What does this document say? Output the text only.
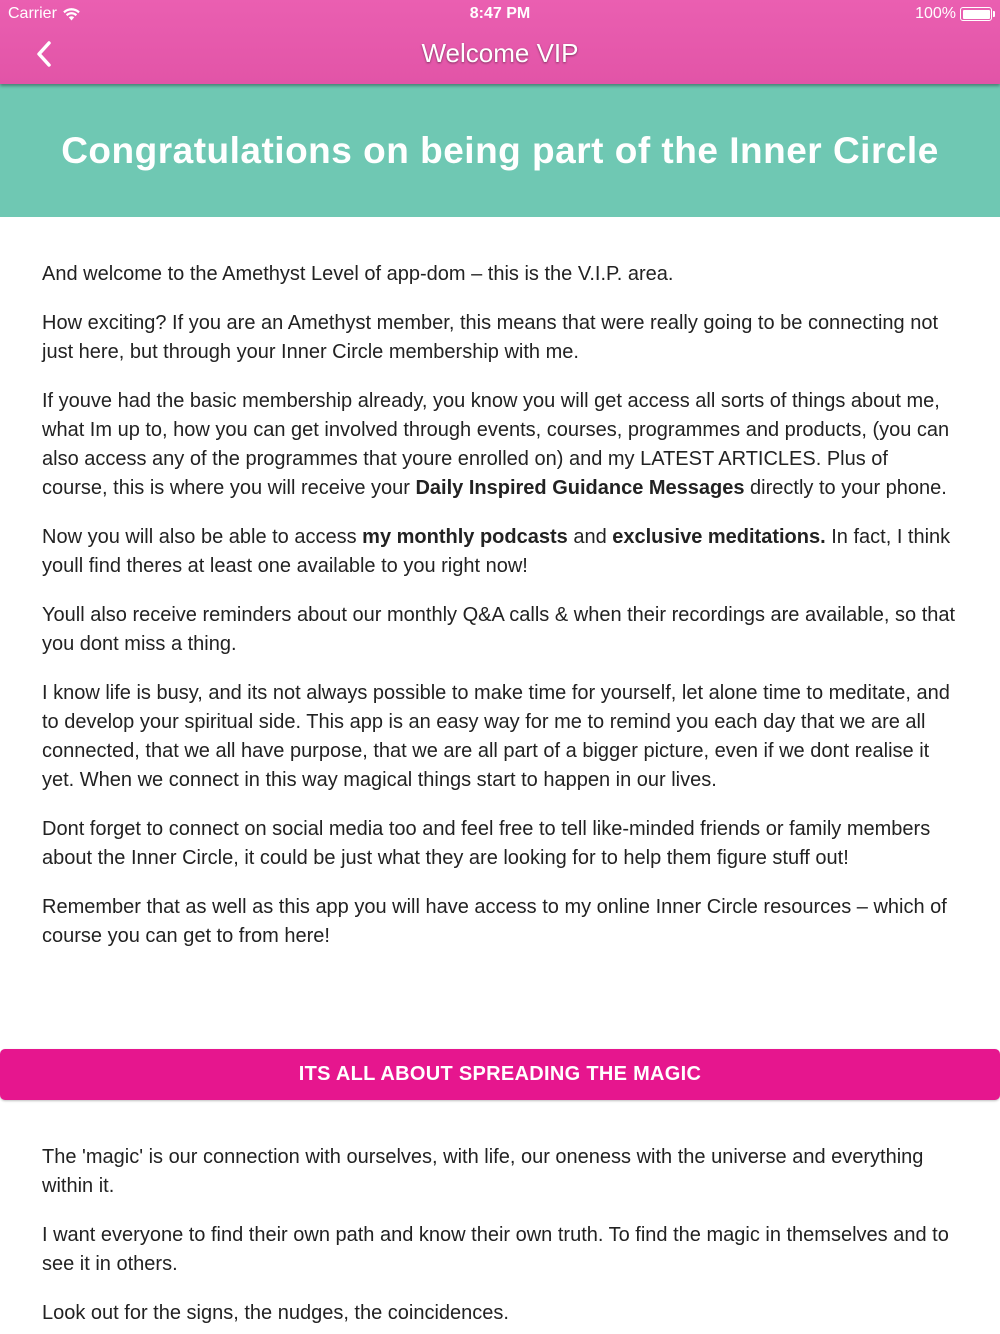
Carrier	8:47 PM	100%
Welcome VIP
Congratulations on being part of the Inner Circle

And welcome to the Amethyst Level of app-dom – this is the V.I.P. area.

How exciting? If you are an Amethyst member, this means that were really going to be connecting not just here, but through your Inner Circle membership with me.

If youve had the basic membership already, you know you will get access all sorts of things about me, what Im up to, how you can get involved through events, courses, programmes and products, (you can also access any of the programmes that youre enrolled on) and my LATEST ARTICLES. Plus of course, this is where you will receive your Daily Inspired Guidance Messages directly to your phone.

Now you will also be able to access my monthly podcasts and exclusive meditations. In fact, I think youll find theres at least one available to you right now!

Youll also receive reminders about our monthly Q&A calls & when their recordings are available, so that you dont miss a thing.

I know life is busy, and its not always possible to make time for yourself, let alone time to meditate, and to develop your spiritual side. This app is an easy way for me to remind you each day that we are all connected, that we all have purpose, that we are all part of a bigger picture, even if we dont realise it yet. When we connect in this way magical things start to happen in our lives.

Dont forget to connect on social media too and feel free to tell like-minded friends or family members about the Inner Circle, it could be just what they are looking for to help them figure stuff out!

Remember that as well as this app you will have access to my online Inner Circle resources – which of course you can get to from here!

ITS ALL ABOUT SPREADING THE MAGIC

The 'magic' is our connection with ourselves, with life, our oneness with the universe and everything within it.

I want everyone to find their own path and know their own truth. To find the magic in themselves and to see it in others.

Look out for the signs, the nudges, the coincidences.
